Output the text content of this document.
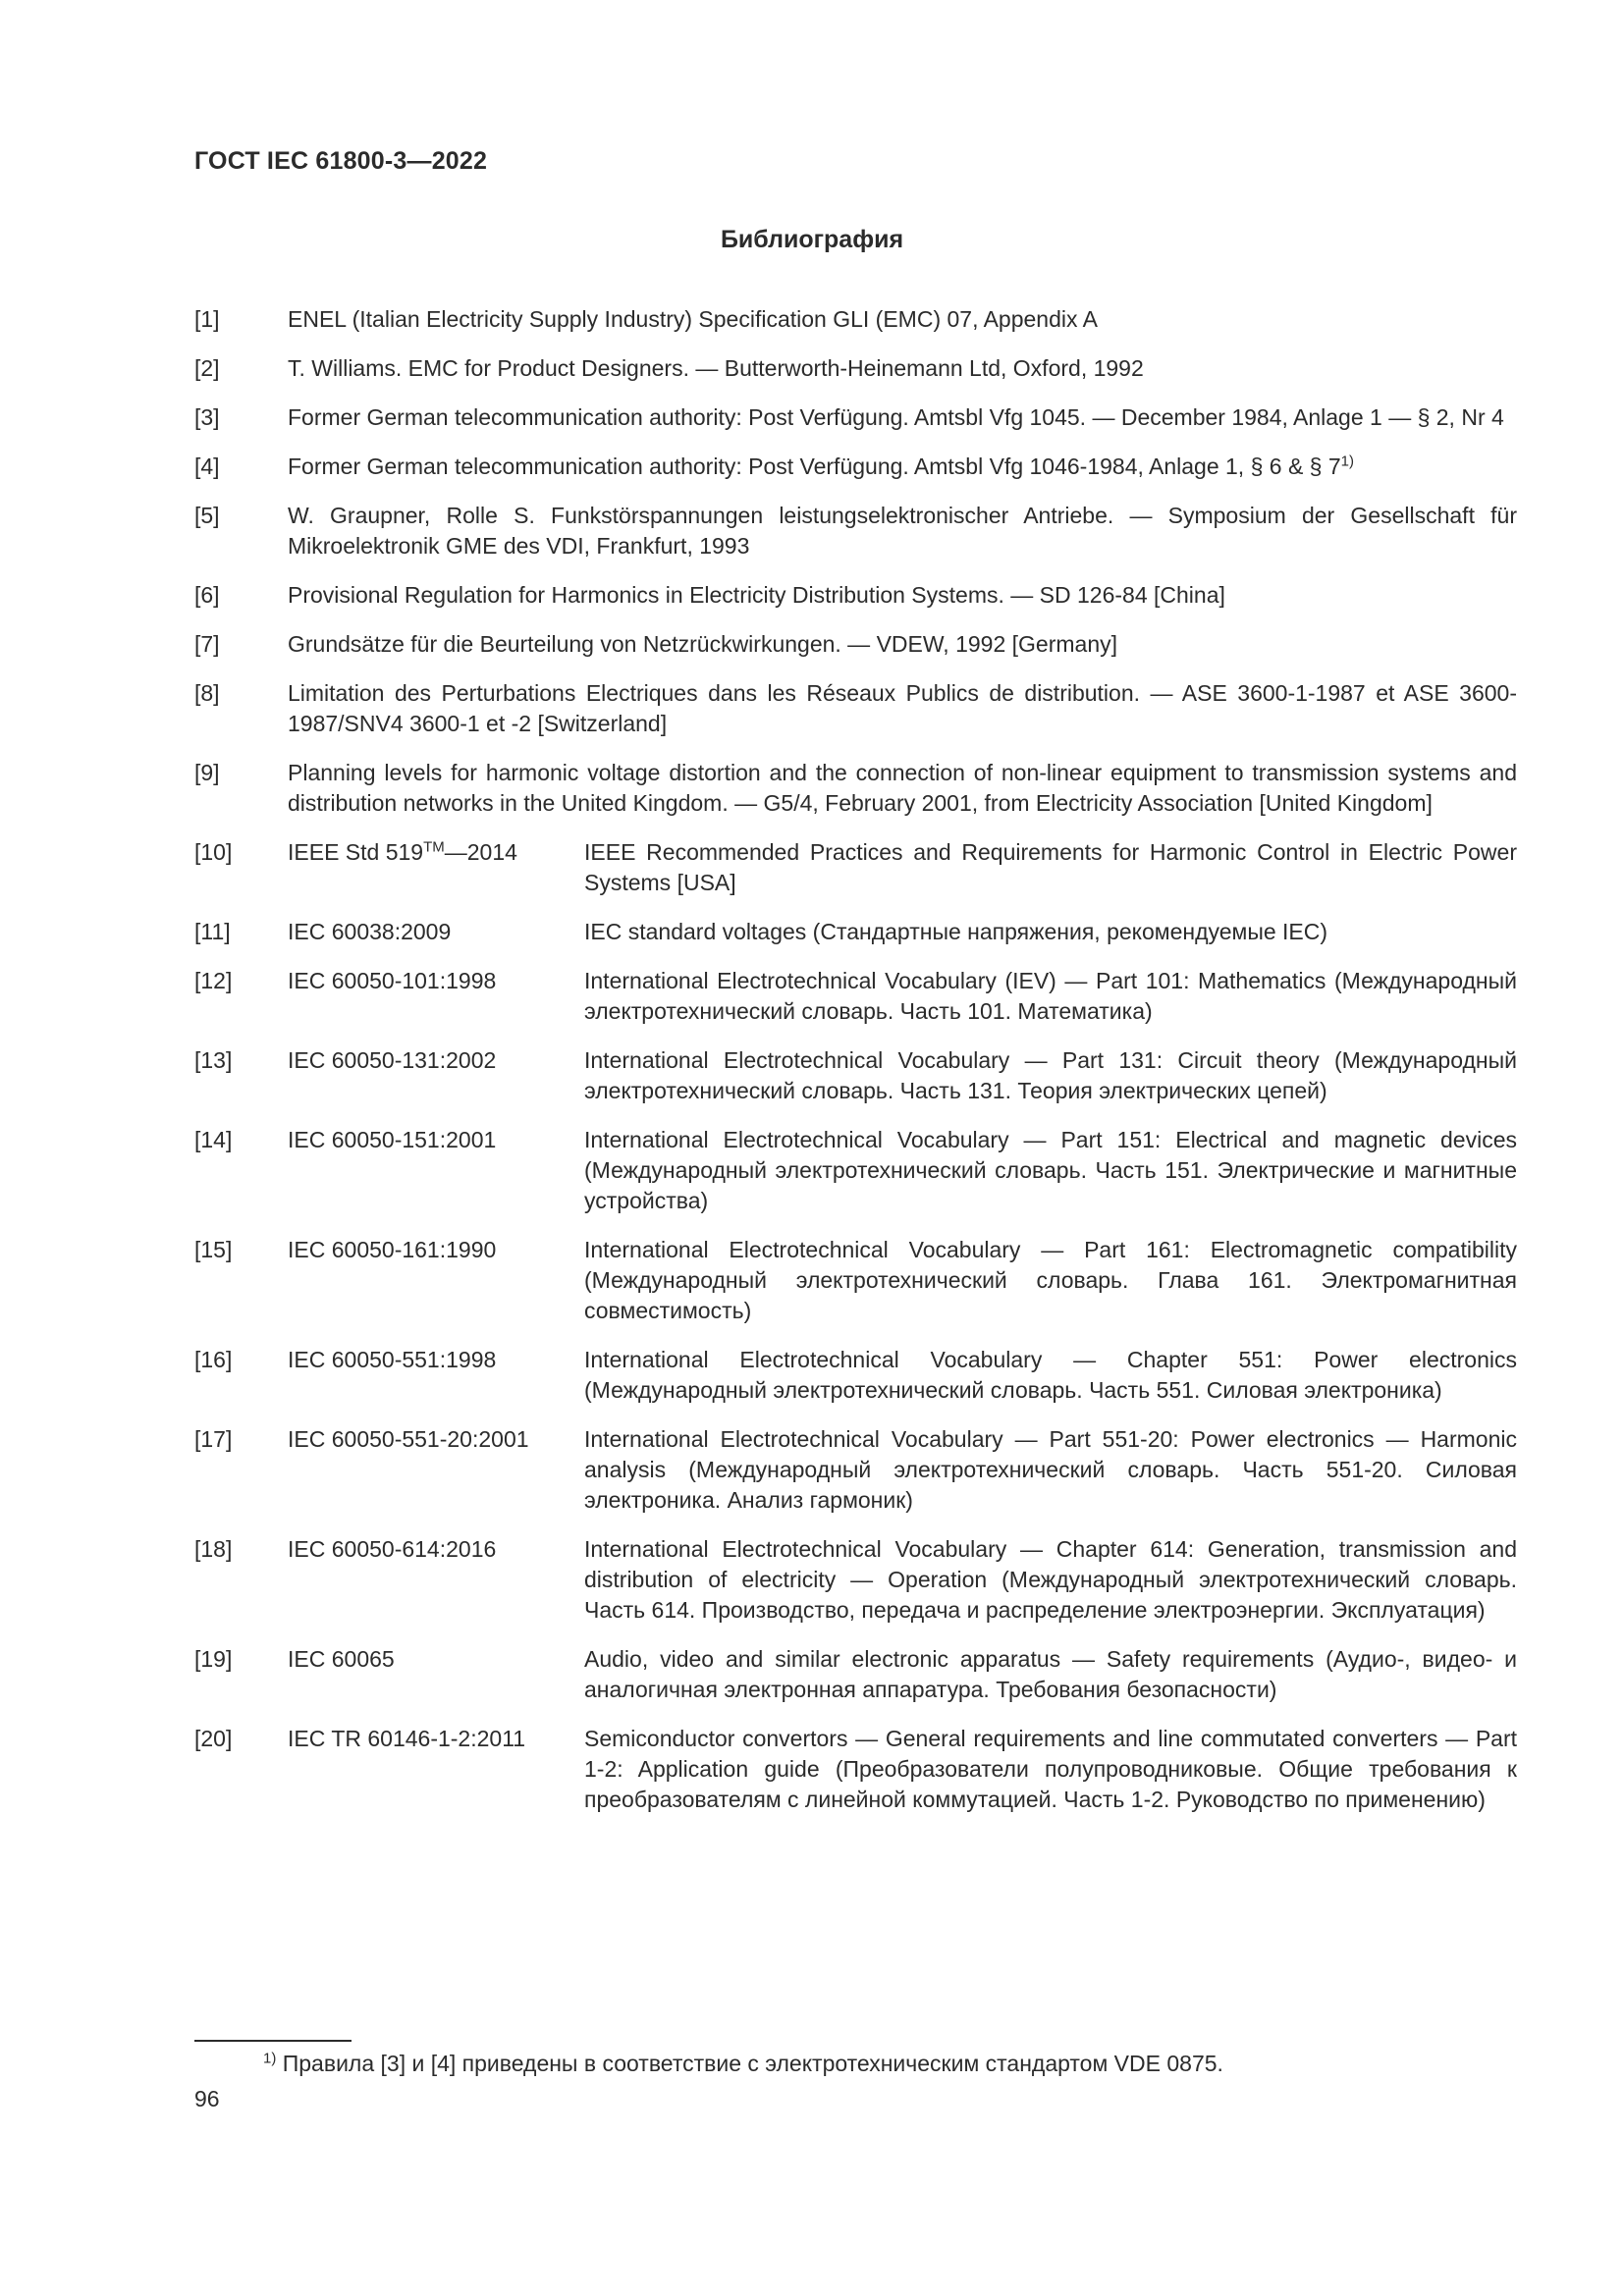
ГОСТ IEC 61800-3—2022
Библиография
[1]	ENEL (Italian Electricity Supply Industry) Specification GLI (EMC) 07, Appendix A
[2]	T. Williams. EMC for Product Designers. — Butterworth-Heinemann Ltd, Oxford, 1992
[3]	Former German telecommunication authority: Post Verfügung. Amtsbl Vfg 1045. — December 1984, Anlage 1 — § 2, Nr 4
[4]	Former German telecommunication authority: Post Verfügung. Amtsbl Vfg 1046-1984, Anlage 1, § 6 & § 7$^{1)}$
[5]	W. Graupner, Rolle S. Funkstörspannungen leistungselektronischer Antriebe. — Symposium der Gesellschaft für Mikroelektronik GME des VDI, Frankfurt, 1993
[6]	Provisional Regulation for Harmonics in Electricity Distribution Systems. — SD 126-84 [China]
[7]	Grundsätze für die Beurteilung von Netzrückwirkungen. — VDEW, 1992 [Germany]
[8]	Limitation des Perturbations Electriques dans les Réseaux Publics de distribution. — ASE 3600-1-1987 et ASE 3600-1987/SNV4 3600-1 et -2 [Switzerland]
[9]	Planning levels for harmonic voltage distortion and the connection of non-linear equipment to transmission systems and distribution networks in the United Kingdom. — G5/4, February 2001, from Electricity Association [United Kingdom]
[10]	IEEE Std 519™—2014	IEEE Recommended Practices and Requirements for Harmonic Control in Electric Power Systems [USA]
[11]	IEC 60038:2009	IEC standard voltages (Стандартные напряжения, рекомендуемые IEC)
[12]	IEC 60050-101:1998	International Electrotechnical Vocabulary (IEV) — Part 101: Mathematics (Международный электротехнический словарь. Часть 101. Математика)
[13]	IEC 60050-131:2002	International Electrotechnical Vocabulary — Part 131: Circuit theory (Международный электротехнический словарь. Часть 131. Теория электрических цепей)
[14]	IEC 60050-151:2001	International Electrotechnical Vocabulary — Part 151: Electrical and magnetic devices (Международный электротехнический словарь. Часть 151. Электрические и магнитные устройства)
[15]	IEC 60050-161:1990	International Electrotechnical Vocabulary — Part 161: Electromagnetic compatibility (Международный электротехнический словарь. Глава 161. Электромагнитная совместимость)
[16]	IEC 60050-551:1998	International Electrotechnical Vocabulary — Chapter 551: Power electronics (Международный электротехнический словарь. Часть 551. Силовая электроника)
[17]	IEC 60050-551-20:2001	International Electrotechnical Vocabulary — Part 551-20: Power electronics — Harmonic analysis (Международный электротехнический словарь. Часть 551-20. Силовая электроника. Анализ гармоник)
[18]	IEC 60050-614:2016	International Electrotechnical Vocabulary — Chapter 614: Generation, transmission and distribution of electricity — Operation (Международный электротехнический словарь. Часть 614. Производство, передача и распределение электроэнергии. Эксплуатация)
[19]	IEC 60065	Audio, video and similar electronic apparatus — Safety requirements (Аудио-, видео- и аналогичная электронная аппаратура. Требования безопасности)
[20]	IEC TR 60146-1-2:2011	Semiconductor convertors — General requirements and line commutated converters — Part 1-2: Application guide (Преобразователи полупроводниковые. Общие требования к преобразователям с линейной коммутацией. Часть 1-2. Руководство по применению)
$^{1)}$ Правила [3] и [4] приведены в соответствие с электротехническим стандартом VDE 0875.
96
